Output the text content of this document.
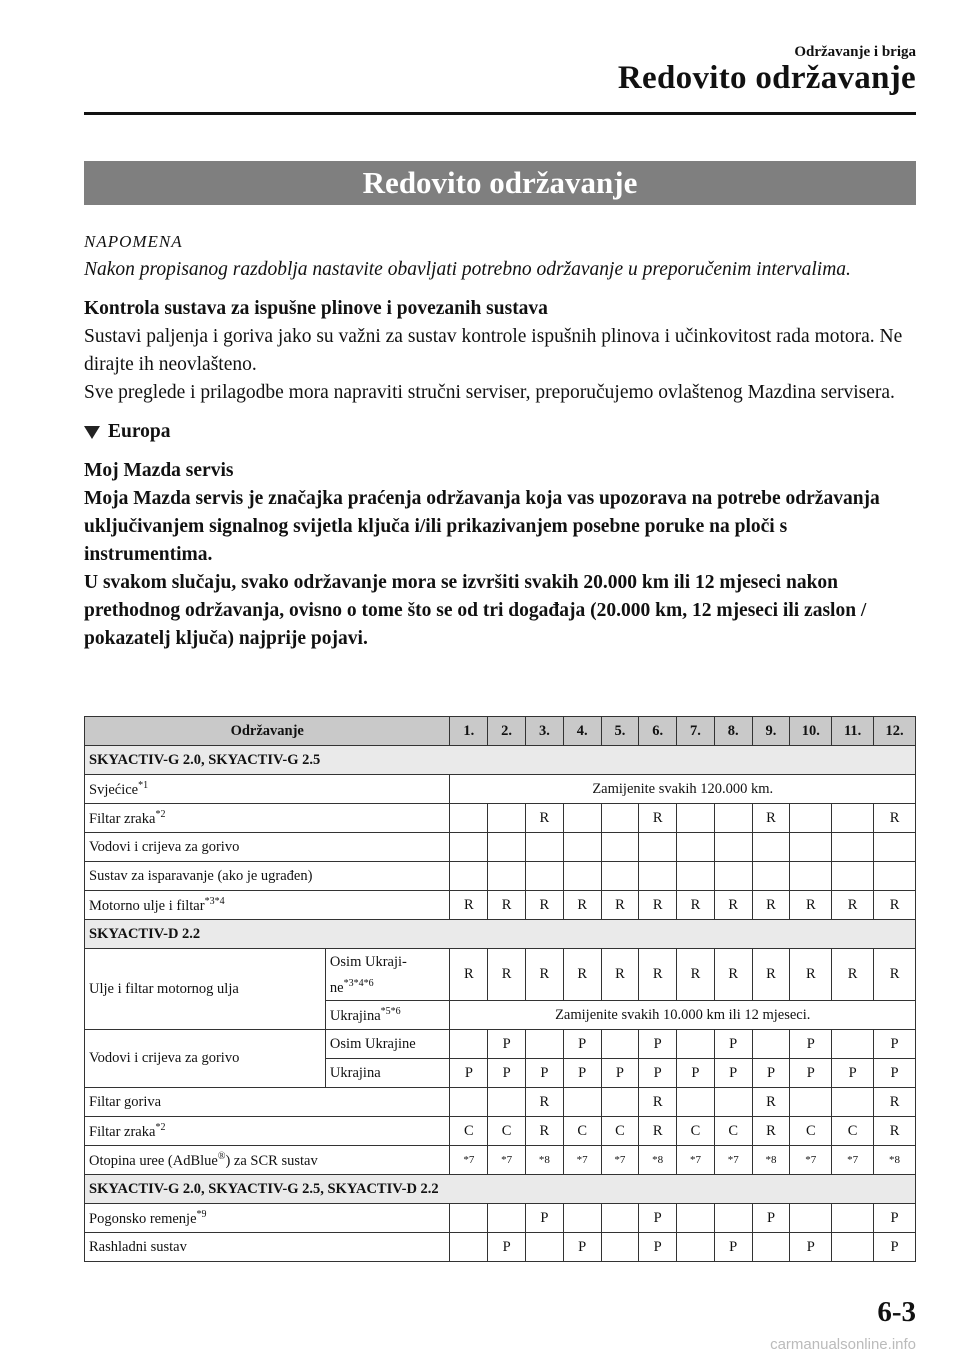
Održavanje i briga
Redovito održavanje
Redovito održavanje

NAPOMENA

Nakon propisanog razdoblja nastavite obavljati potrebno održavanje u preporučenim intervalima.

Kontrola sustava za ispušne plinove i povezanih sustava

Sustavi paljenja i goriva jako su važni za sustav kontrole ispušnih plinova i učinkovitost rada motora. Ne dirajte ih neovlašteno.

Sve preglede i prilagodbe mora napraviti stručni serviser, preporučujemo ovlaštenog Mazdina servisera.

Europa

Moj Mazda servis

Moja Mazda servis je značajka praćenja održavanja koja vas upozorava na potrebe održavanja uključivanjem signalnog svijetla ključa i/ili prikazivanjem posebne poruke na ploči s instrumentima.

U svakom slučaju, svako održavanje mora se izvršiti svakih 20.000 km ili 12 mjeseci nakon prethodnog održavanja, ovisno o tome što se od tri događaja (20.000 km, 12 mjeseci ili zaslon / pokazatelj ključa) najprije pojavi.

Održavanje		1.	2.	3.	4.	5.	6.	7.	8.	9.	10.	11.	12.
SKYACTIV-G 2.0, SKYACTIV-G 2.5													
Svjećice$^{*1}$		Zamijenite svakih 120.000 km.											
Filtar zraka$^{*2}$				R			R			R			R
Vodovi i crijeva za gorivo													
Sustav za isparavanje (ako je ugrađen)													
Motorno ulje i filtar$^{*3*4}$		R	R	R	R	R	R	R	R	R	R	R	R
SKYACTIV-D 2.2													
Ulje i filtar motornog ulja	Osim Ukraji-
$ne^{*3*4*6}$	R	R	R	R	R	R	R	R	R	R	R	R
	Ukrajina$^{*5*6}$	Zamijenite svakih 10.000 km ili 12 mjeseci.											
Vodovi i crijeva za gorivo	Osim Ukrajine		P		P		P		P		P		P
	Ukrajina	P	P	P	P	P	P	P	P	P	P	P	P
Filtar goriva				R			R			R			R
Filtar zraka$^{*2}$		C	C	R	C	C	R	C	C	R	C	C	R
Otopina uree (AdBlue®) za SCR sustav		*7	*7	*8	*7	*7	*8	*7	*7	*8	*7	*7	*8
SKYACTIV-G 2.0, SKYACTIV-G 2.5, SKYACTIV-D 2.2													
Pogonsko remenje$^{*9}$				P			P			P			P
Rashladni sustav			P		P		P		P		P		P
6-3
carmanualsonline.info
